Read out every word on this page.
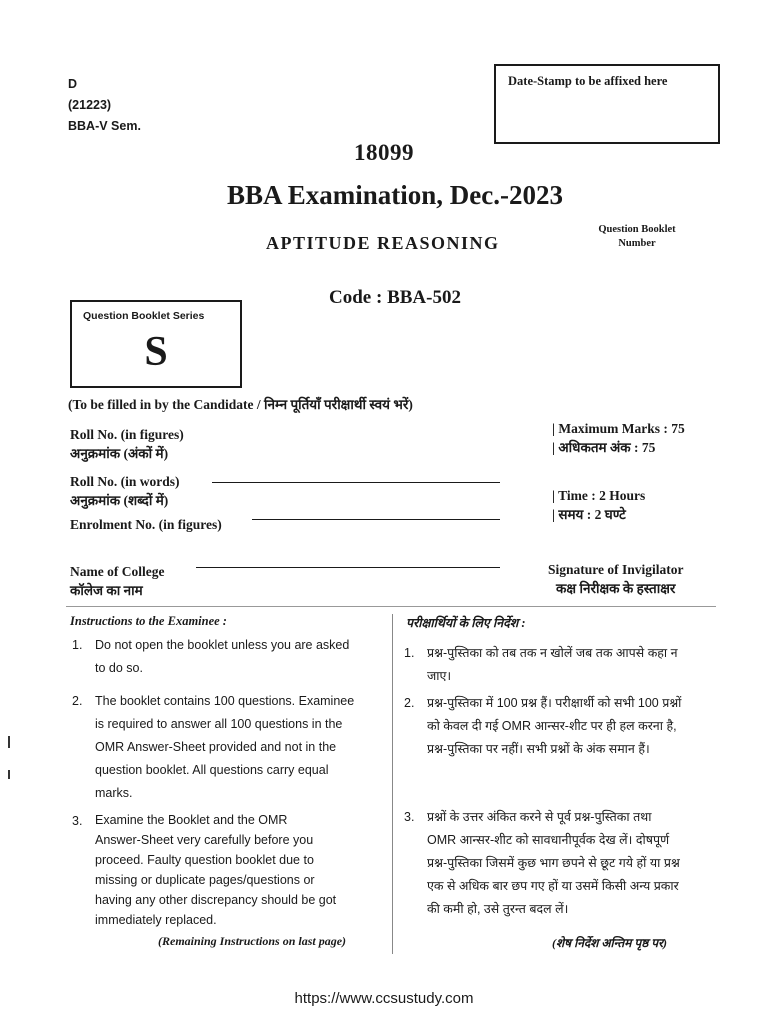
D
(21223)
BBA-V Sem.
Date-Stamp to be affixed here
18099
BBA Examination, Dec.-2023
APTITUDE REASONING
Question Booklet Number
Code : BBA-502
Question Booklet Series
S
(To be filled in by the Candidate / निम्न पूर्तियाँ परीक्षार्थी स्वयं भरें)
Roll No. (in figures)
अनुक्रमांक (अंकों में)
Roll No. (in words)
अनुक्रमांक (शब्दों में)
Enrolment No. (in figures)
Name of College
कॉलेज का नाम
| Maximum Marks : 75
| अधिकतम अंक : 75
| Time : 2 Hours
| समय : 2 घण्टे
Signature of Invigilator
कक्ष निरीक्षक के हस्ताक्षर
Instructions to the Examinee :
1. Do not open the booklet unless you are asked
to do so.
2. The booklet contains 100 questions. Examinee
is required to answer all 100 questions in the
OMR Answer-Sheet provided and not in the
question booklet. All questions carry equal
marks.
3. Examine the Booklet and the OMR
Answer-Sheet very carefully before you
proceed. Faulty question booklet due to
missing or duplicate pages/questions or
having any other discrepancy should be got
immediately replaced.
(Remaining Instructions on last page)
परीक्षार्थियों के लिए निर्देश :
1. प्रश्न-पुस्तिका को तब तक न खोलें जब तक आपसे कहा न
जाए।
2. प्रश्न-पुस्तिका में 100 प्रश्न हैं। परीक्षार्थी को सभी 100 प्रश्नों
को केवल दी गई OMR आन्सर-शीट पर ही हल करना है,
प्रश्न-पुस्तिका पर नहीं। सभी प्रश्नों के अंक समान हैं।
3. प्रश्नों के उत्तर अंकित करने से पूर्व प्रश्न-पुस्तिका तथा
OMR आन्सर-शीट को सावधानीपूर्वक देख लें। दोषपूर्ण
प्रश्न-पुस्तिका जिसमें कुछ भाग छपने से छूट गये हों या प्रश्न
एक से अधिक बार छप गए हों या उसमें किसी अन्य प्रकार
की कमी हो, उसे तुरन्त बदल लें।
(शेष निर्देश अन्तिम पृष्ठ पर)
https://www.ccsustudy.com
